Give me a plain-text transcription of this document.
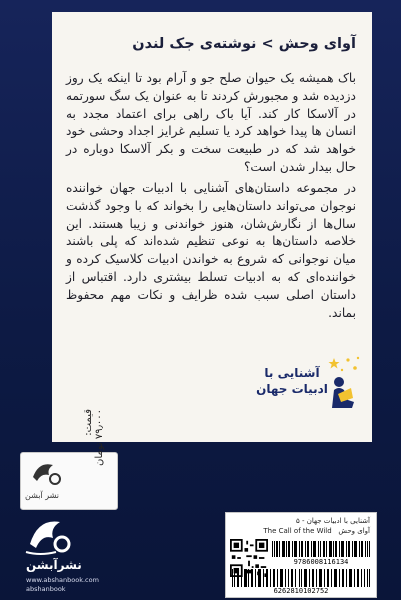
آوای وحش > نوشته‌ی جک لندن
باک همیشه یک حیوان صلح جو و آرام بود تا اینکه یک روز دزدیده شد و مجبورش کردند تا به عنوان یک سگ سورتمه در آلاسکا کار کند. آیا باک راهی برای اعتماد مجدد به انسان ها پیدا خواهد کرد یا تسلیم غرایز اجداد وحشی خود خواهد شد که در طبیعت سخت و بکر آلاسکا دوباره در حال بیدار شدن است؟
در مجموعه داستان‌های آشنایی با ادبیات جهان خواننده نوجوان می‌تواند داستان‌هایی را بخواند که با وجود گذشت سال‌ها از نگارش‌شان، هنوز خواندنی و زیبا هستند. این خلاصه داستان‌ها به نوعی تنظیم شده‌اند که پلی باشند میان نوجوانی که شروع به خواندن ادبیات کلاسیک کرده و خواننده‌ای که به ادبیات تسلط بیشتری دارد. اقتباس از داستان اصلی سبب شده ظرایف و نکات مهم محفوظ بماند.
آشنایی با
ادبیات جهان
نشر آبشن
قیمت:
۷۹٫۰۰۰ تومان
نشرآبشن
www.abshanbook.com
abshanbook
آشنایی با ادبیات جهان - ۵
The Call of the Wild آوای وحش
9786008116134
6262810102752
